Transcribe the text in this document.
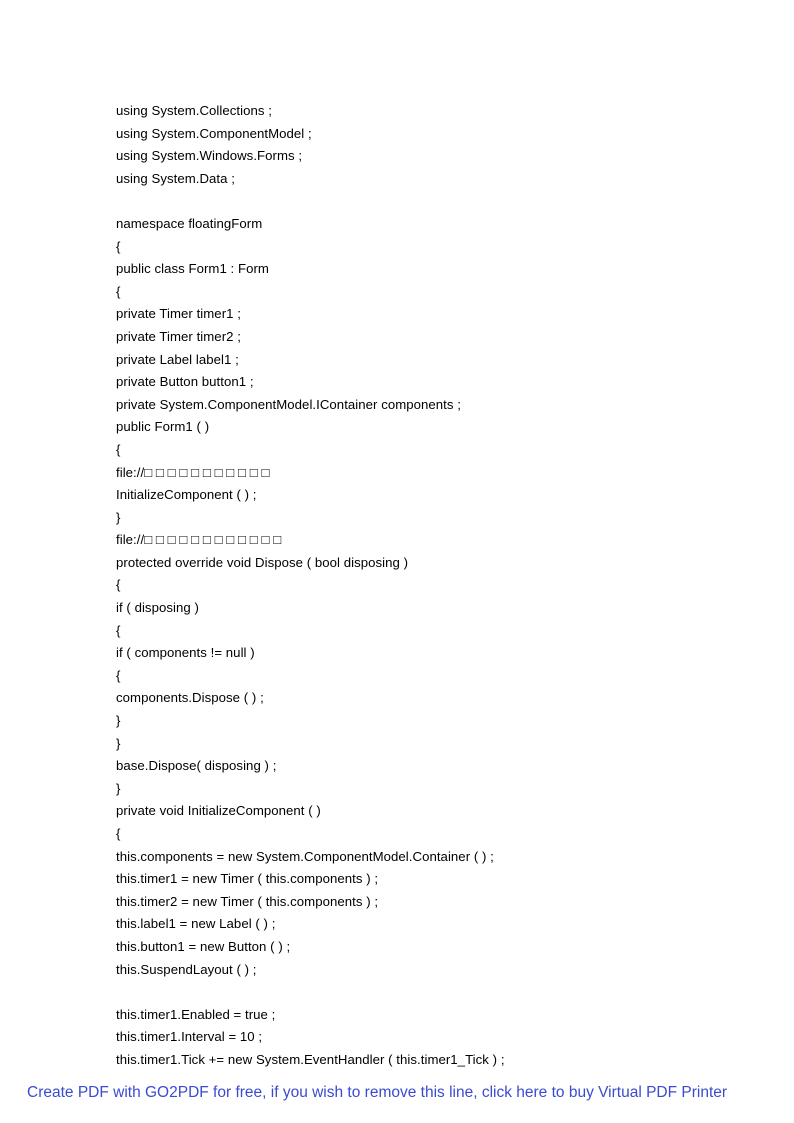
using System.Collections ;
using System.ComponentModel ;
using System.Windows.Forms ;
using System.Data ;
namespace floatingForm
{
public class Form1 : Form
{
private Timer timer1 ;
private Timer timer2 ;
private Label label1 ;
private Button button1 ;
private System.ComponentModel.IContainer components ;
public Form1 ( )
{
file://□ □ □ □ □ □ □ □ □ □ □
InitializeComponent ( ) ;
}
file://□ □ □ □ □ □ □ □ □ □ □ □
protected override void Dispose ( bool disposing )
{
if ( disposing )
{
if ( components != null )
{
components.Dispose ( ) ;
}
}
base.Dispose( disposing ) ;
}
private void InitializeComponent ( )
{
this.components = new System.ComponentModel.Container ( ) ;
this.timer1 = new Timer ( this.components ) ;
this.timer2 = new Timer ( this.components ) ;
this.label1 = new Label ( ) ;
this.button1 = new Button ( ) ;
this.SuspendLayout ( ) ;
this.timer1.Enabled = true ;
this.timer1.Interval = 10 ;
this.timer1.Tick += new System.EventHandler ( this.timer1_Tick ) ;
Create PDF with GO2PDF for free, if you wish to remove this line, click here to buy Virtual PDF Printer
